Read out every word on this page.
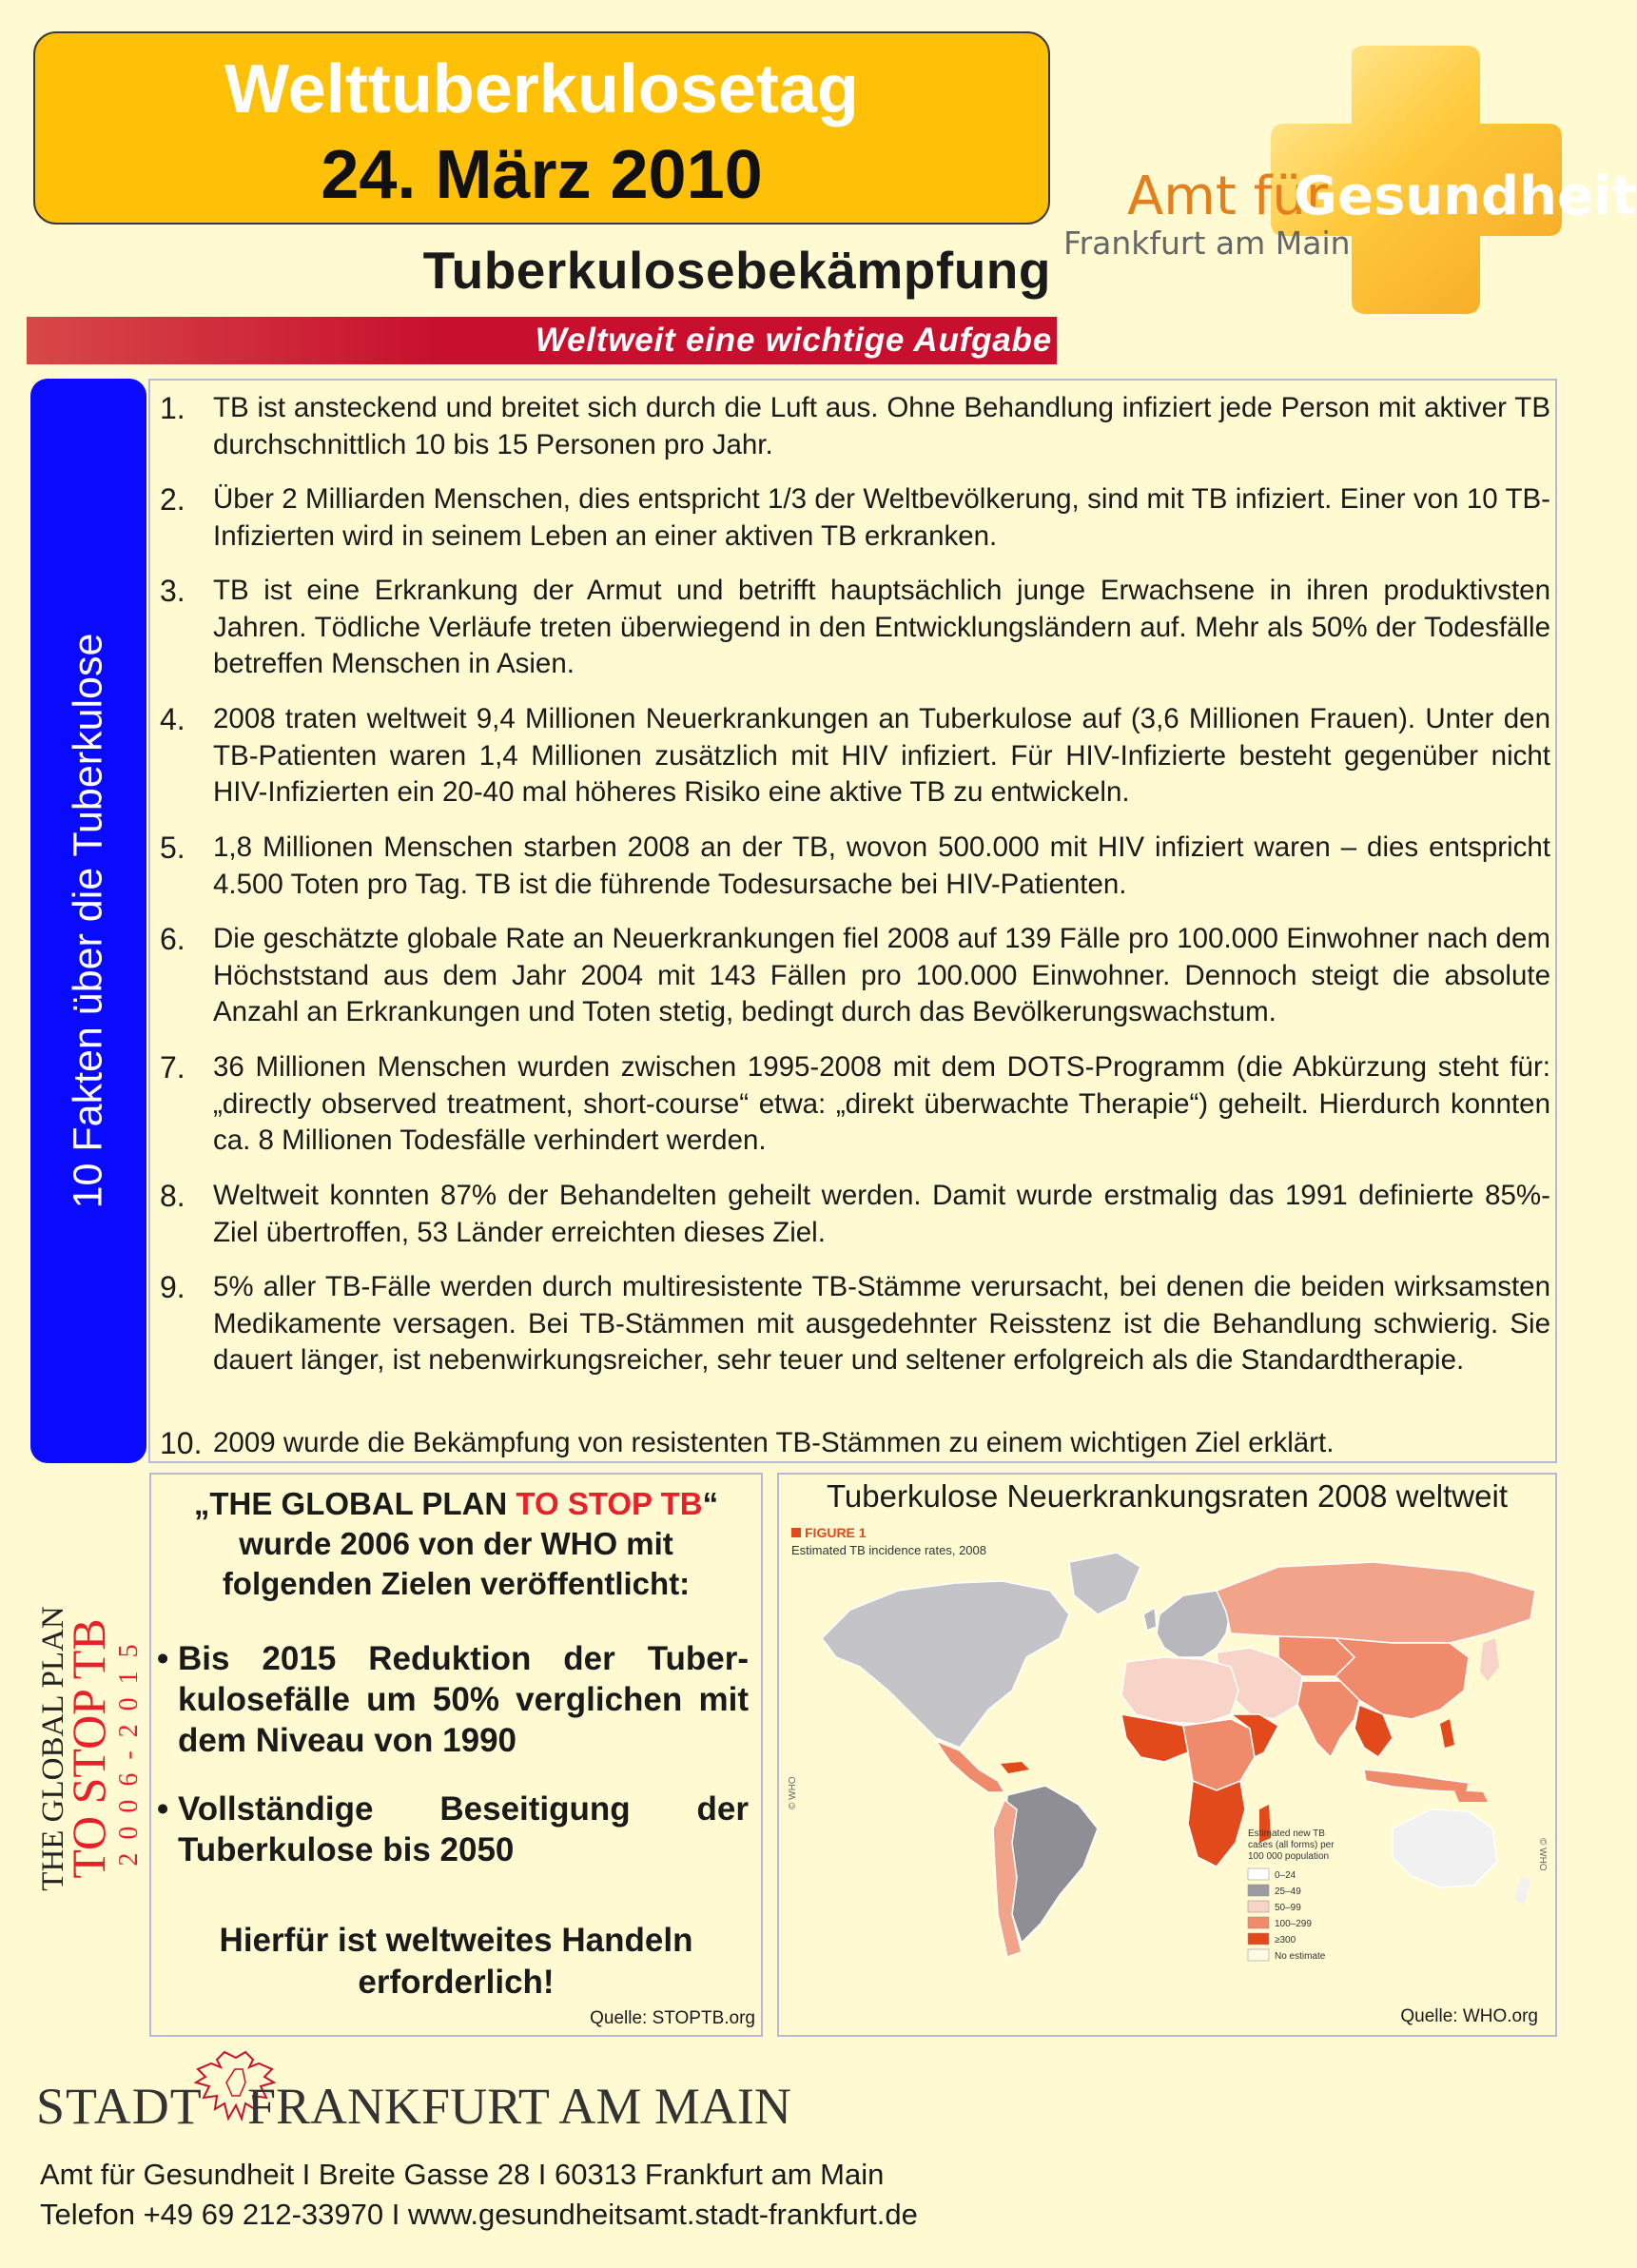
Welttuberkulosetag
24. März 2010	Amt für
Gesundheit
Frankfurt am Main
Tuberkulosebekämpfung
Weltweit eine wichtige Aufgabe
10 Fakten über die Tuberkulose
1. TB ist ansteckend und breitet sich durch die Luft aus. Ohne Behandlung infiziert jede Person mit aktiver TB durchschnittlich 10 bis 15 Personen pro Jahr.
2. Über 2 Milliarden Menschen, dies entspricht 1/3 der Weltbevölkerung, sind mit TB infiziert. Einer von 10 TB-Infizierten wird in seinem Leben an einer aktiven TB erkranken.
3. TB ist eine Erkrankung der Armut und betrifft hauptsächlich junge Erwachsene in ihren produktivsten Jahren. Tödliche Verläufe treten überwiegend in den Entwicklungsländern auf. Mehr als 50% der Todesfälle betreffen Menschen in Asien.
4. 2008 traten weltweit 9,4 Millionen Neuerkrankungen an Tuberkulose auf (3,6 Millionen Frauen). Unter den TB-Patienten waren 1,4 Millionen zusätzlich mit HIV infiziert. Für HIV-Infizierte besteht gegenüber nicht HIV-Infizierten ein 20-40 mal höheres Risiko eine aktive TB zu entwickeln.
5. 1,8 Millionen Menschen starben 2008 an der TB, wovon 500.000 mit HIV infiziert waren – dies entspricht 4.500 Toten pro Tag. TB ist die führende Todesursache bei HIV-Patienten.
6. Die geschätzte globale Rate an Neuerkrankungen fiel 2008 auf 139 Fälle pro 100.000 Einwohner nach dem Höchststand aus dem Jahr 2004 mit 143 Fällen pro 100.000 Einwohner. Dennoch steigt die absolute Anzahl an Erkrankungen und Toten stetig, bedingt durch das Bevölkerungswachstum.
7. 36 Millionen Menschen wurden zwischen 1995-2008 mit dem DOTS-Programm (die Abkürzung steht für: „directly observed treatment, short-course“ etwa: „direkt überwachte Therapie“) geheilt. Hierdurch konnten ca. 8 Millionen Todesfälle verhindert werden.
8. Weltweit konnten 87% der Behandelten geheilt werden. Damit wurde erstmalig das 1991 definierte 85%-Ziel übertroffen, 53 Länder erreichten dieses Ziel.
9. 5% aller TB-Fälle werden durch multiresistente TB-Stämme verursacht, bei denen die beiden wirksamsten Medikamente versagen. Bei TB-Stämmen mit ausgedehnter Reisstenz ist die Behandlung schwierig. Sie dauert länger, ist nebenwirkungsreicher, sehr teuer und seltener erfolgreich als die Standardtherapie.
10. 2009 wurde die Bekämpfung von resistenten TB-Stämmen zu einem wichtigen Ziel erklärt.
THE GLOBAL PLAN
TO STOP TB 2006-2015
„THE GLOBAL PLAN TO STOP TB“
wurde 2006 von der WHO mit
folgenden Zielen veröffentlicht:
• Bis 2015 Reduktion der Tuber-kulosefälle um 50% verglichen mit dem Niveau von 1990
• Vollständige Beseitigung der Tuberkulose bis 2050
Hierfür ist weltweites Handeln
erforderlich!
Quelle: STOPTB.org
Tuberkulose Neuerkrankungsraten 2008 weltweit
FIGURE 1
Estimated TB incidence rates, 2008
Estimated new TB
cases (all forms) per
100 000 population
0–24
25–49
50–99
100–299
≥300
No estimate
© WHO
© WHO
Quelle: WHO.org
STADT FRANKFURT AM MAIN
Amt für Gesundheit I Breite Gasse 28 I 60313 Frankfurt am Main
Telefon +49 69 212-33970 I www.gesundheitsamt.stadt-frankfurt.de
